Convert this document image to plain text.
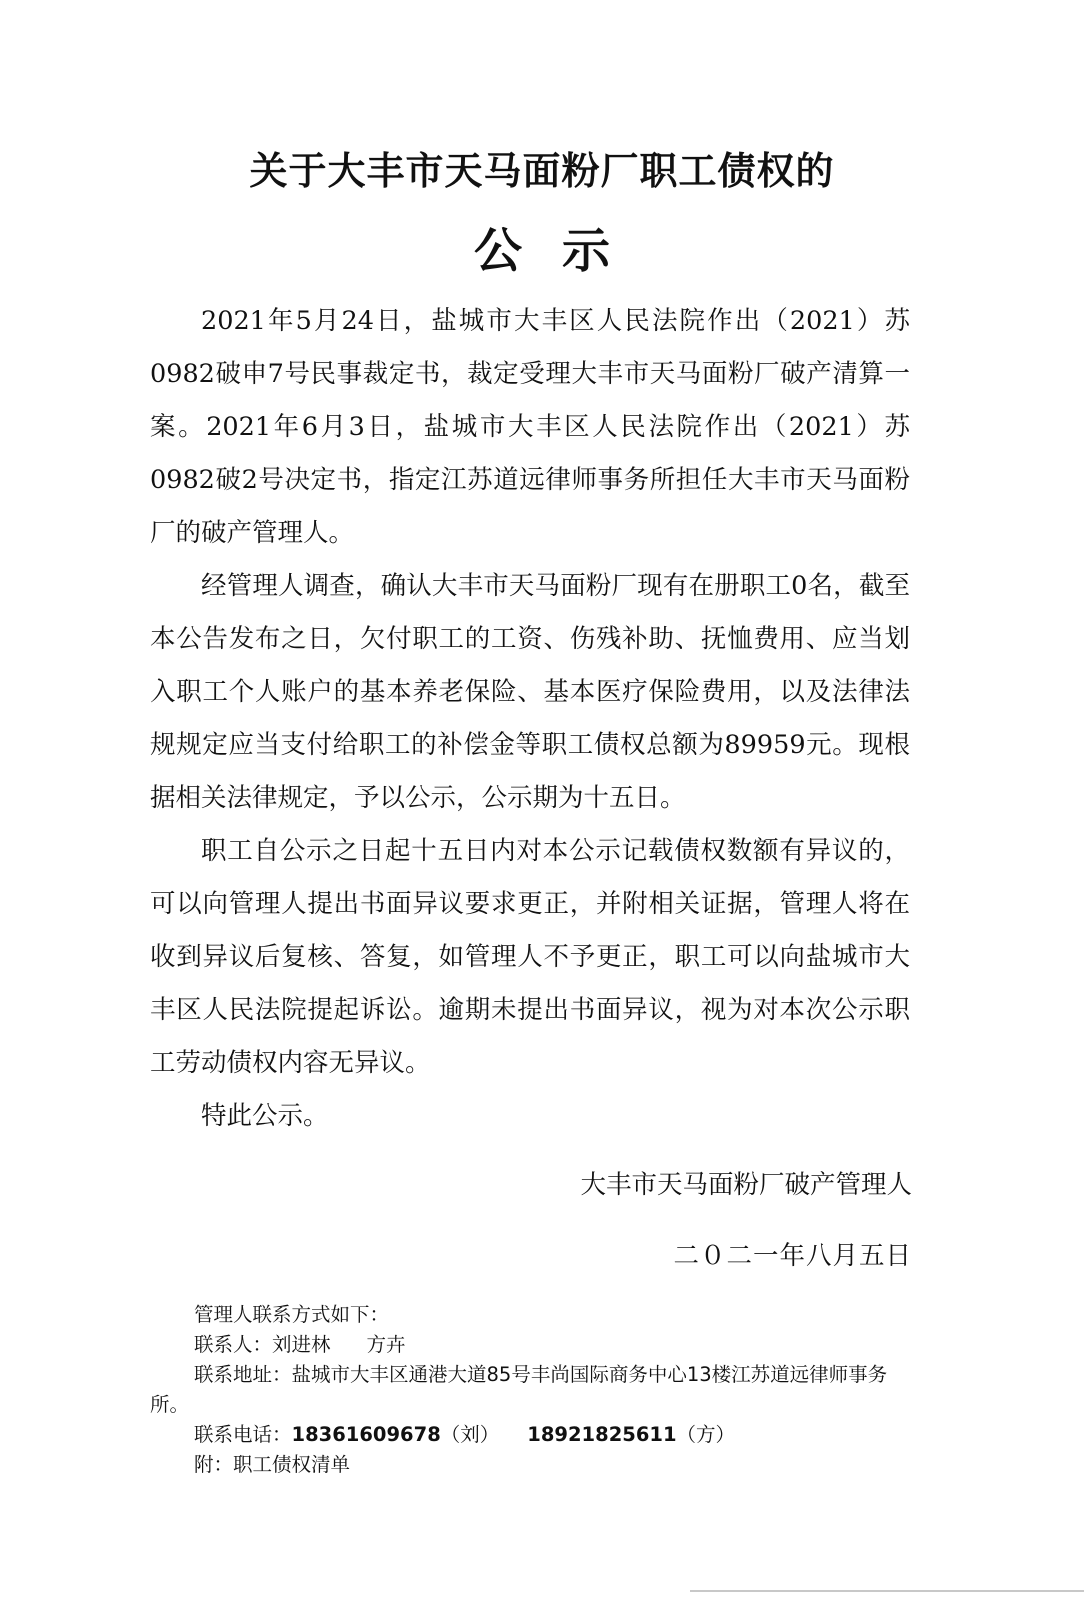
关于大丰市天马面粉厂职工债权的
公示

2021年5月24日，盐城市大丰区人民法院作出（2021）苏0982破申7号民事裁定书，裁定受理大丰市天马面粉厂破产清算一案。2021年6月3日，盐城市大丰区人民法院作出（2021）苏0982破2号决定书，指定江苏道远律师事务所担任大丰市天马面粉厂的破产管理人。

经管理人调查，确认大丰市天马面粉厂现有在册职工0名，截至本公告发布之日，欠付职工的工资、伤残补助、抚恤费用、应当划入职工个人账户的基本养老保险、基本医疗保险费用，以及法律法规规定应当支付给职工的补偿金等职工债权总额为89959元。现根据相关法律规定，予以公示，公示期为十五日。

职工自公示之日起十五日内对本公示记载债权数额有异议的，可以向管理人提出书面异议要求更正，并附相关证据，管理人将在收到异议后复核、答复，如管理人不予更正，职工可以向盐城市大丰区人民法院提起诉讼。逾期未提出书面异议，视为对本次公示职工劳动债权内容无异议。

特此公示。

大丰市天马面粉厂破产管理人
二０二一年八月五日
管理人联系方式如下：
联系人：刘进林 方卉
联系地址：盐城市大丰区通港大道85号丰尚国际商务中心13楼江苏道远律师事务所。
联系电话：18361609678（刘） 18921825611（方）
附：职工债权清单
